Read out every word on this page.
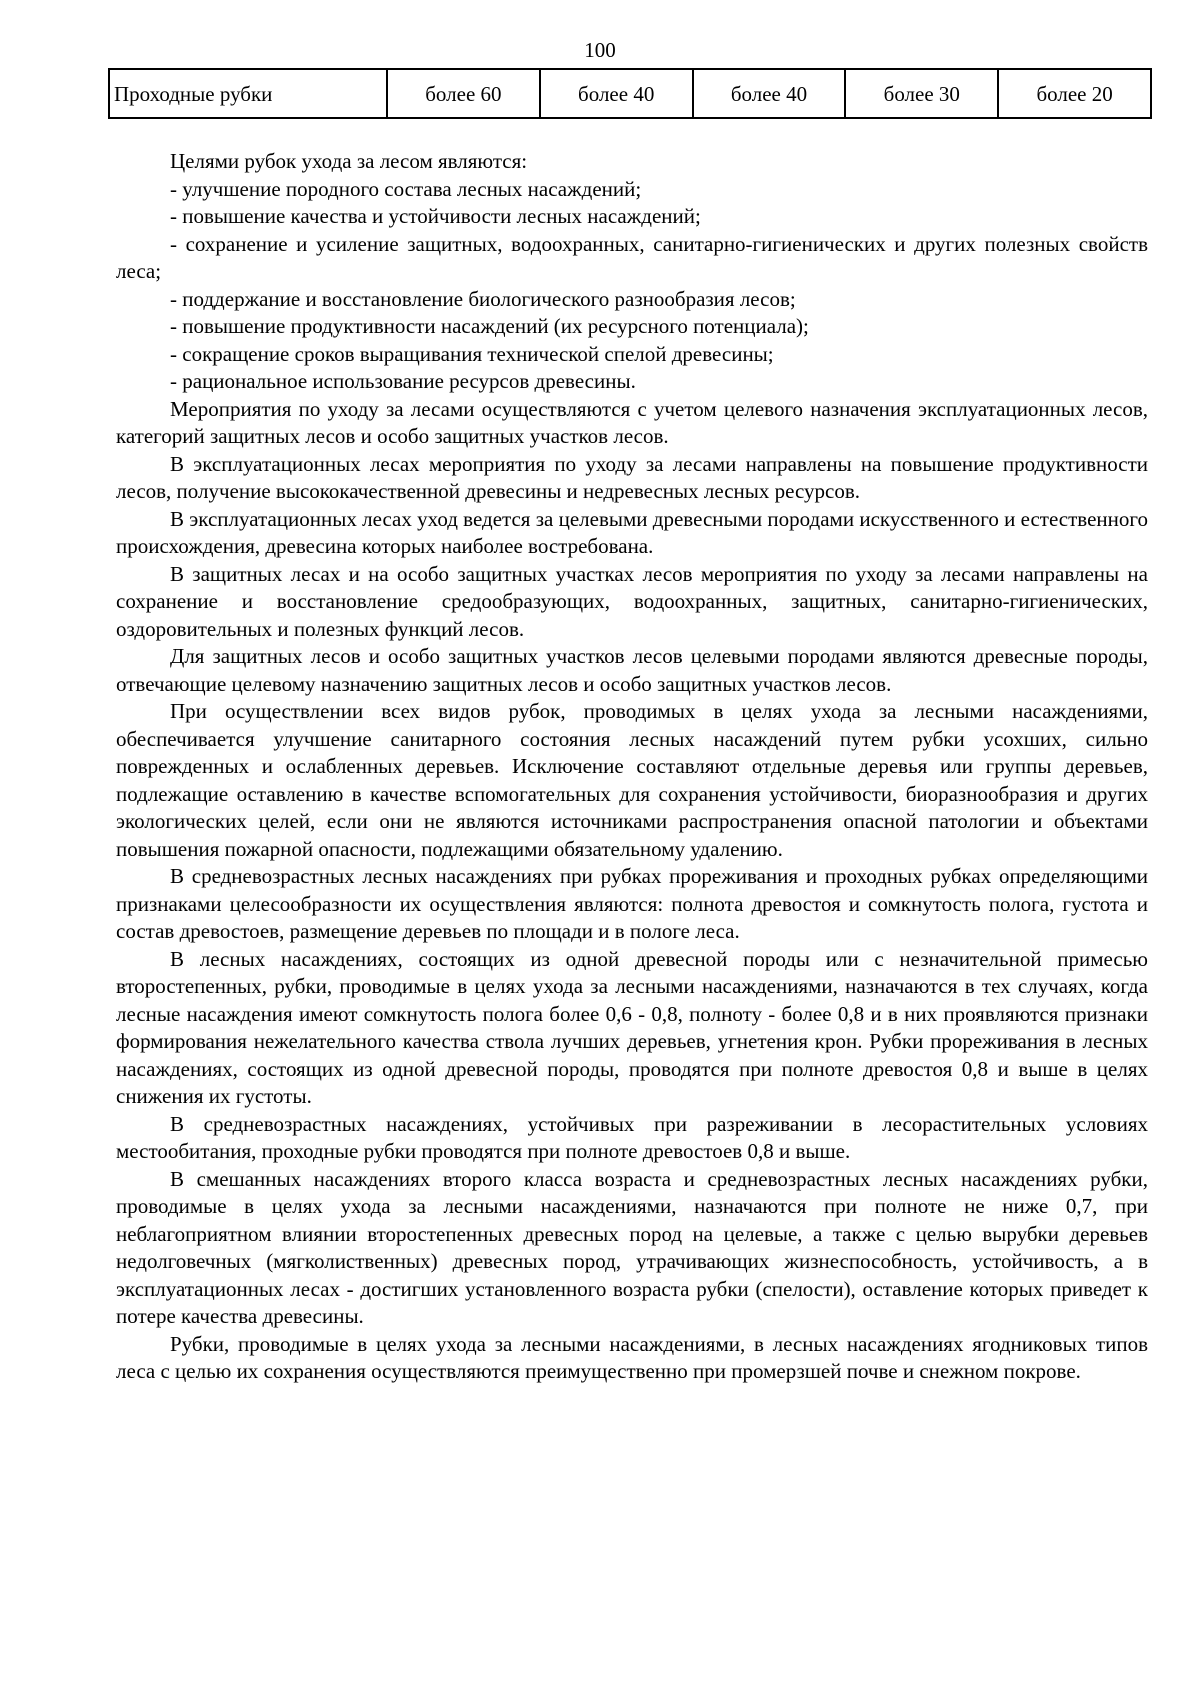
100
Проходные рубки	более 60	более 40	более 40	более 30	более 20

Целями рубок ухода за лесом являются:

- улучшение породного состава лесных насаждений;

- повышение качества и устойчивости лесных насаждений;

- сохранение и усиление защитных, водоохранных, санитарно-гигиенических и других полезных свойств леса;

- поддержание и восстановление биологического разнообразия лесов;

- повышение продуктивности насаждений (их ресурсного потенциала);

- сокращение сроков выращивания технической спелой древесины;

- рациональное использование ресурсов древесины.

Мероприятия по уходу за лесами осуществляются с учетом целевого назначения эксплуатационных лесов, категорий защитных лесов и особо защитных участков лесов.

В эксплуатационных лесах мероприятия по уходу за лесами направлены на повышение продуктивности лесов, получение высококачественной древесины и недревесных лесных ресурсов.

В эксплуатационных лесах уход ведется за целевыми древесными породами искусственного и естественного происхождения, древесина которых наиболее востребована.

В защитных лесах и на особо защитных участках лесов мероприятия по уходу за лесами направлены на сохранение и восстановление средообразующих, водоохранных, защитных, санитарно-гигиенических, оздоровительных и полезных функций лесов.

Для защитных лесов и особо защитных участков лесов целевыми породами являются древесные породы, отвечающие целевому назначению защитных лесов и особо защитных участков лесов.

При осуществлении всех видов рубок, проводимых в целях ухода за лесными насаждениями, обеспечивается улучшение санитарного состояния лесных насаждений путем рубки усохших, сильно поврежденных и ослабленных деревьев. Исключение составляют отдельные деревья или группы деревьев, подлежащие оставлению в качестве вспомогательных для сохранения устойчивости, биоразнообразия и других экологических целей, если они не являются источниками распространения опасной патологии и объектами повышения пожарной опасности, подлежащими обязательному удалению.

В средневозрастных лесных насаждениях при рубках прореживания и проходных рубках определяющими признаками целесообразности их осуществления являются: полнота древостоя и сомкнутость полога, густота и состав древостоев, размещение деревьев по площади и в пологе леса.

В лесных насаждениях, состоящих из одной древесной породы или с незначительной примесью второстепенных, рубки, проводимые в целях ухода за лесными насаждениями, назначаются в тех случаях, когда лесные насаждения имеют сомкнутость полога более 0,6 - 0,8, полноту - более 0,8 и в них проявляются признаки формирования нежелательного качества ствола лучших деревьев, угнетения крон. Рубки прореживания в лесных насаждениях, состоящих из одной древесной породы, проводятся при полноте древостоя 0,8 и выше в целях снижения их густоты.

В средневозрастных насаждениях, устойчивых при разреживании в лесорастительных условиях местообитания, проходные рубки проводятся при полноте древостоев 0,8 и выше.

В смешанных насаждениях второго класса возраста и средневозрастных лесных насаждениях рубки, проводимые в целях ухода за лесными насаждениями, назначаются при полноте не ниже 0,7, при неблагоприятном влиянии второстепенных древесных пород на целевые, а также с целью вырубки деревьев недолговечных (мягколиственных) древесных пород, утрачивающих жизнеспособность, устойчивость, а в эксплуатационных лесах - достигших установленного возраста рубки (спелости), оставление которых приведет к потере качества древесины.

Рубки, проводимые в целях ухода за лесными насаждениями, в лесных насаждениях ягодниковых типов леса с целью их сохранения осуществляются преимущественно при промерзшей почве и снежном покрове.
